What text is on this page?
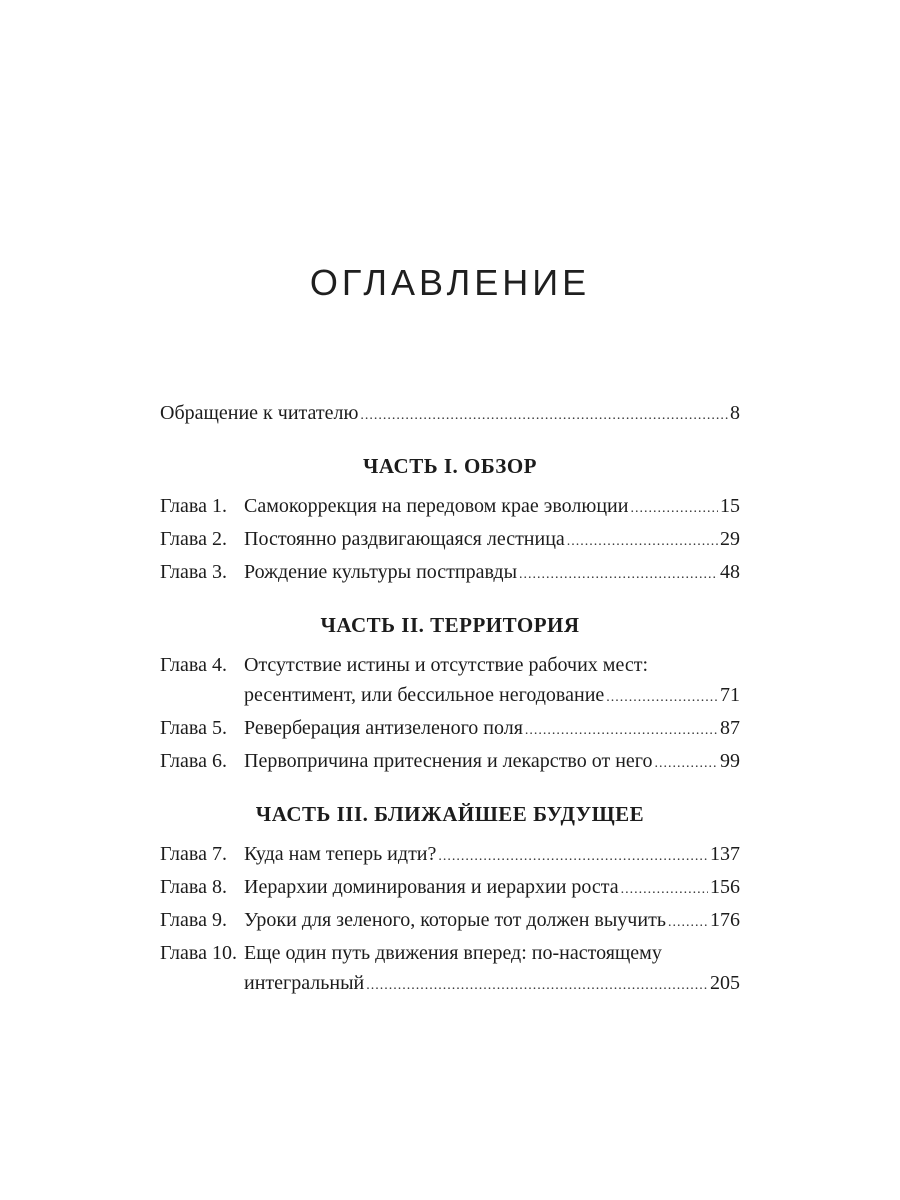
ОГЛАВЛЕНИЕ
Обращение к читателю .....	8
ЧАСТЬ I. ОБЗОР
Глава 1. Самокоррекция на передовом крае эволюции .....	15
Глава 2. Постоянно раздвигающаяся лестница .....	29
Глава 3. Рождение культуры постправды .....	48
ЧАСТЬ II. ТЕРРИТОРИЯ
Глава 4. Отсутствие истины и отсутствие рабочих мест:
ресентимент, или бессильное негодование .....	71
Глава 5. Реверберация антизеленого поля .....	87
Глава 6. Первопричина притеснения и лекарство от него .....	99
ЧАСТЬ III. БЛИЖАЙШЕЕ БУДУЩЕЕ
Глава 7. Куда нам теперь идти? .....	137
Глава 8. Иерархии доминирования и иерархии роста .....	156
Глава 9. Уроки для зеленого, которые тот должен выучить ..... 176
Глава 10. Еще один путь движения вперед: по-настоящему
интегральный .....	205
